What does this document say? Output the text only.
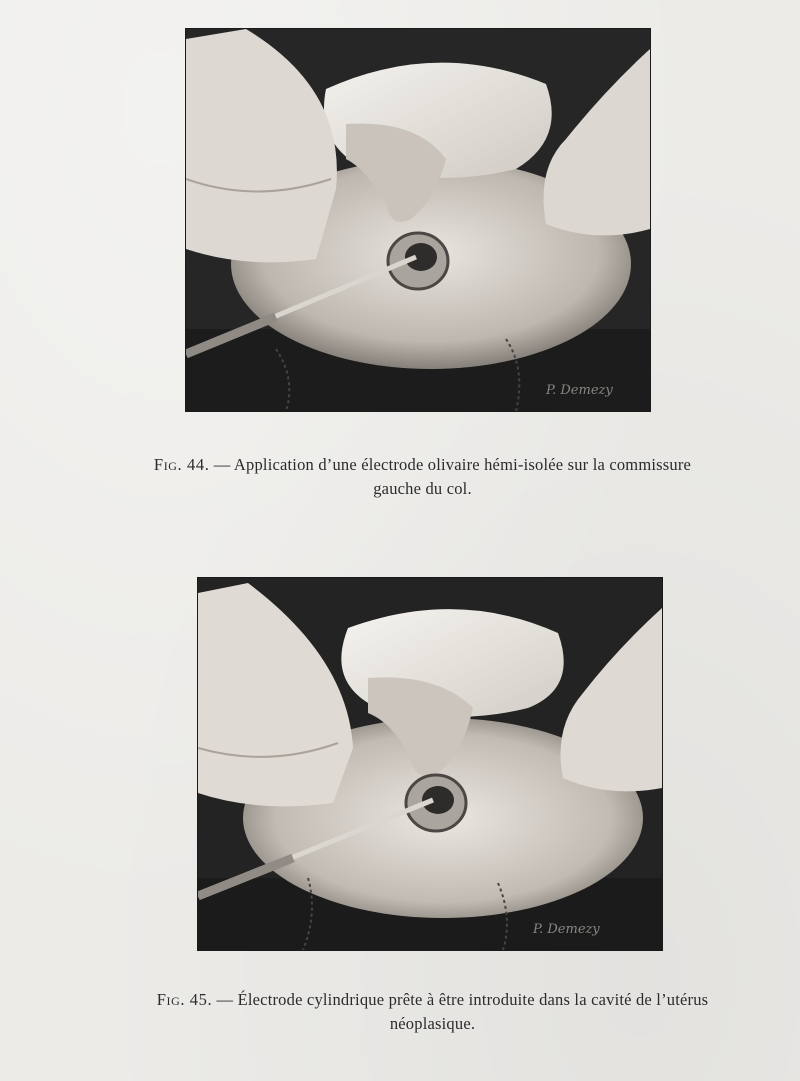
P. Demezy
Fig. 44. — Application d’une électrode olivaire hémi-isolée sur la commissure
gauche du col.
P. Demezy
Fig. 45. — Électrode cylindrique prête à être introduite dans la cavité de l’utérus
néoplasique.
